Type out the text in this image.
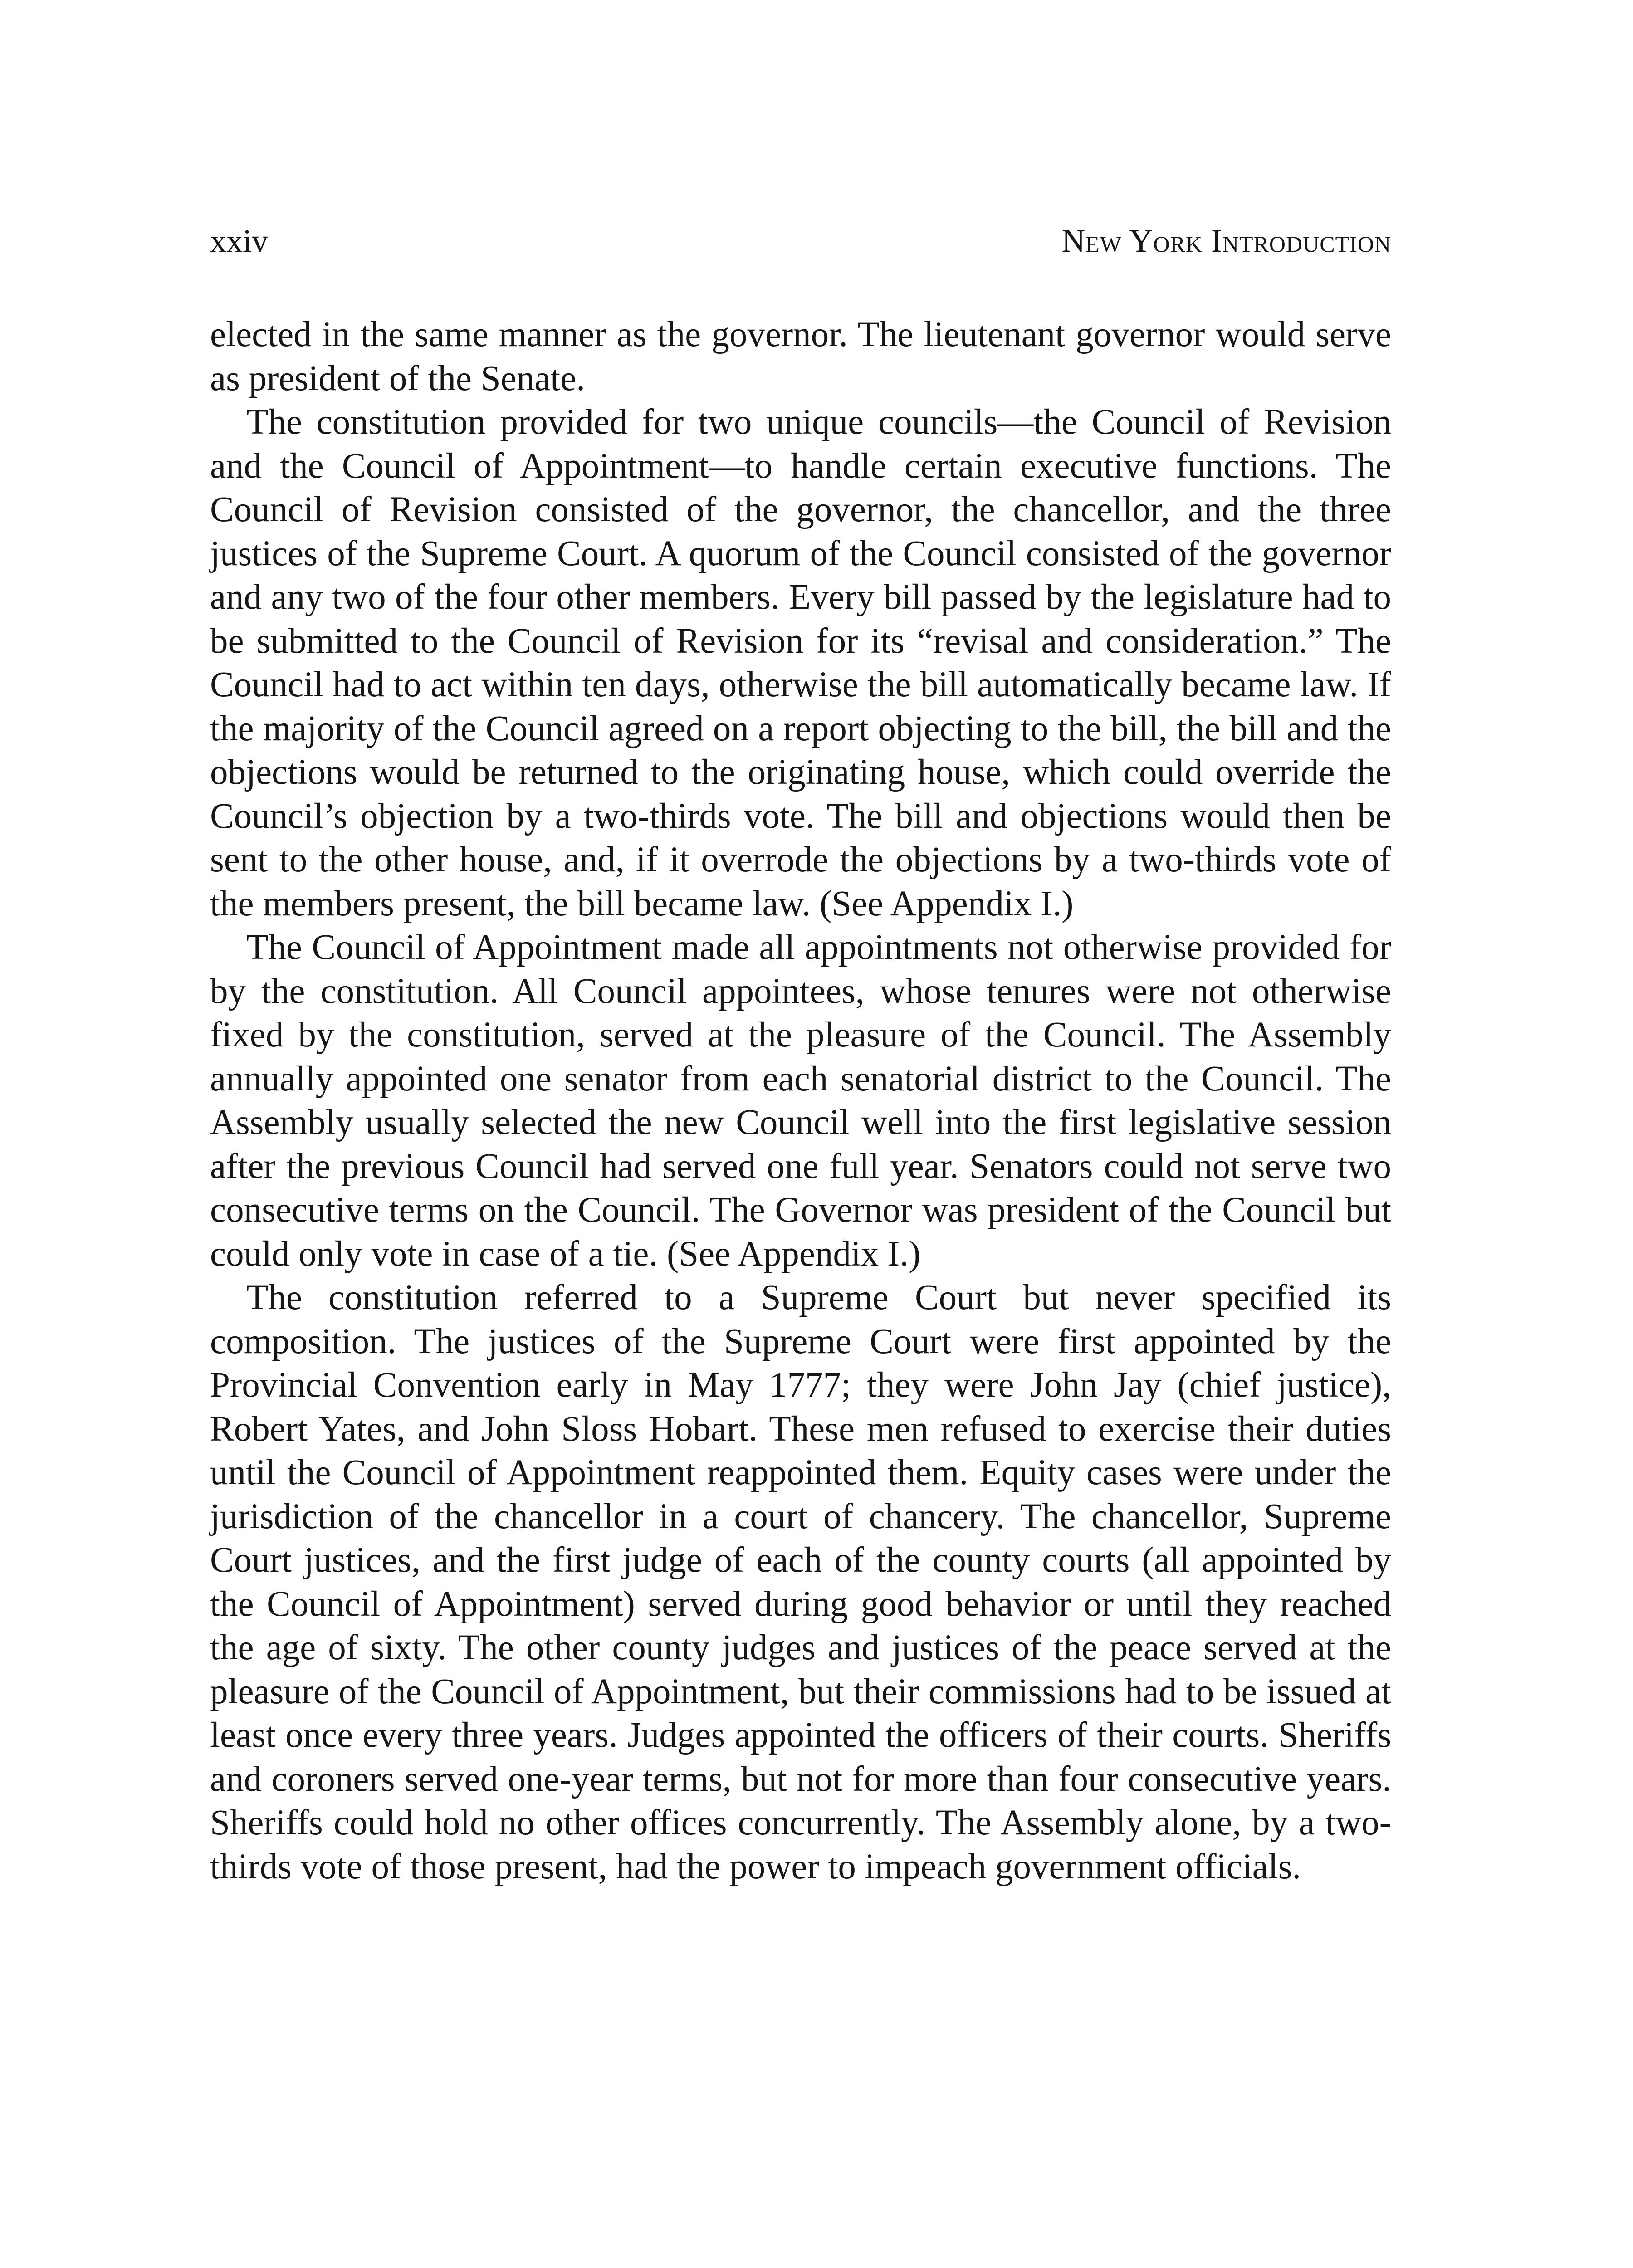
xxiv	New York Introduction

elected in the same manner as the governor. The lieutenant governor would serve as president of the Senate.

The constitution provided for two unique councils—the Council of Revision and the Council of Appointment—to handle certain executive functions. The Council of Revision consisted of the governor, the chancellor, and the three justices of the Supreme Court. A quorum of the Council consisted of the governor and any two of the four other members. Every bill passed by the legislature had to be submitted to the Council of Revision for its “revisal and consideration.” The Council had to act within ten days, otherwise the bill automatically became law. If the majority of the Council agreed on a report objecting to the bill, the bill and the objections would be returned to the originating house, which could override the Council’s objection by a two-thirds vote. The bill and objections would then be sent to the other house, and, if it overrode the objections by a two-thirds vote of the members present, the bill became law. (See Appendix I.)

The Council of Appointment made all appointments not otherwise provided for by the constitution. All Council appointees, whose tenures were not otherwise fixed by the constitution, served at the pleasure of the Council. The Assembly annually appointed one senator from each senatorial district to the Council. The Assembly usually selected the new Council well into the first legislative session after the previous Council had served one full year. Senators could not serve two consecutive terms on the Council. The Governor was president of the Council but could only vote in case of a tie. (See Appendix I.)

The constitution referred to a Supreme Court but never specified its composition. The justices of the Supreme Court were first appointed by the Provincial Convention early in May 1777; they were John Jay (chief justice), Robert Yates, and John Sloss Hobart. These men refused to exercise their duties until the Council of Appointment reappointed them. Equity cases were under the jurisdiction of the chancellor in a court of chancery. The chancellor, Supreme Court justices, and the first judge of each of the county courts (all appointed by the Council of Appointment) served during good behavior or until they reached the age of sixty. The other county judges and justices of the peace served at the pleasure of the Council of Appointment, but their commissions had to be issued at least once every three years. Judges appointed the officers of their courts. Sheriffs and coroners served one-year terms, but not for more than four consecutive years. Sheriffs could hold no other offices concurrently. The Assembly alone, by a two-thirds vote of those present, had the power to impeach government officials.
